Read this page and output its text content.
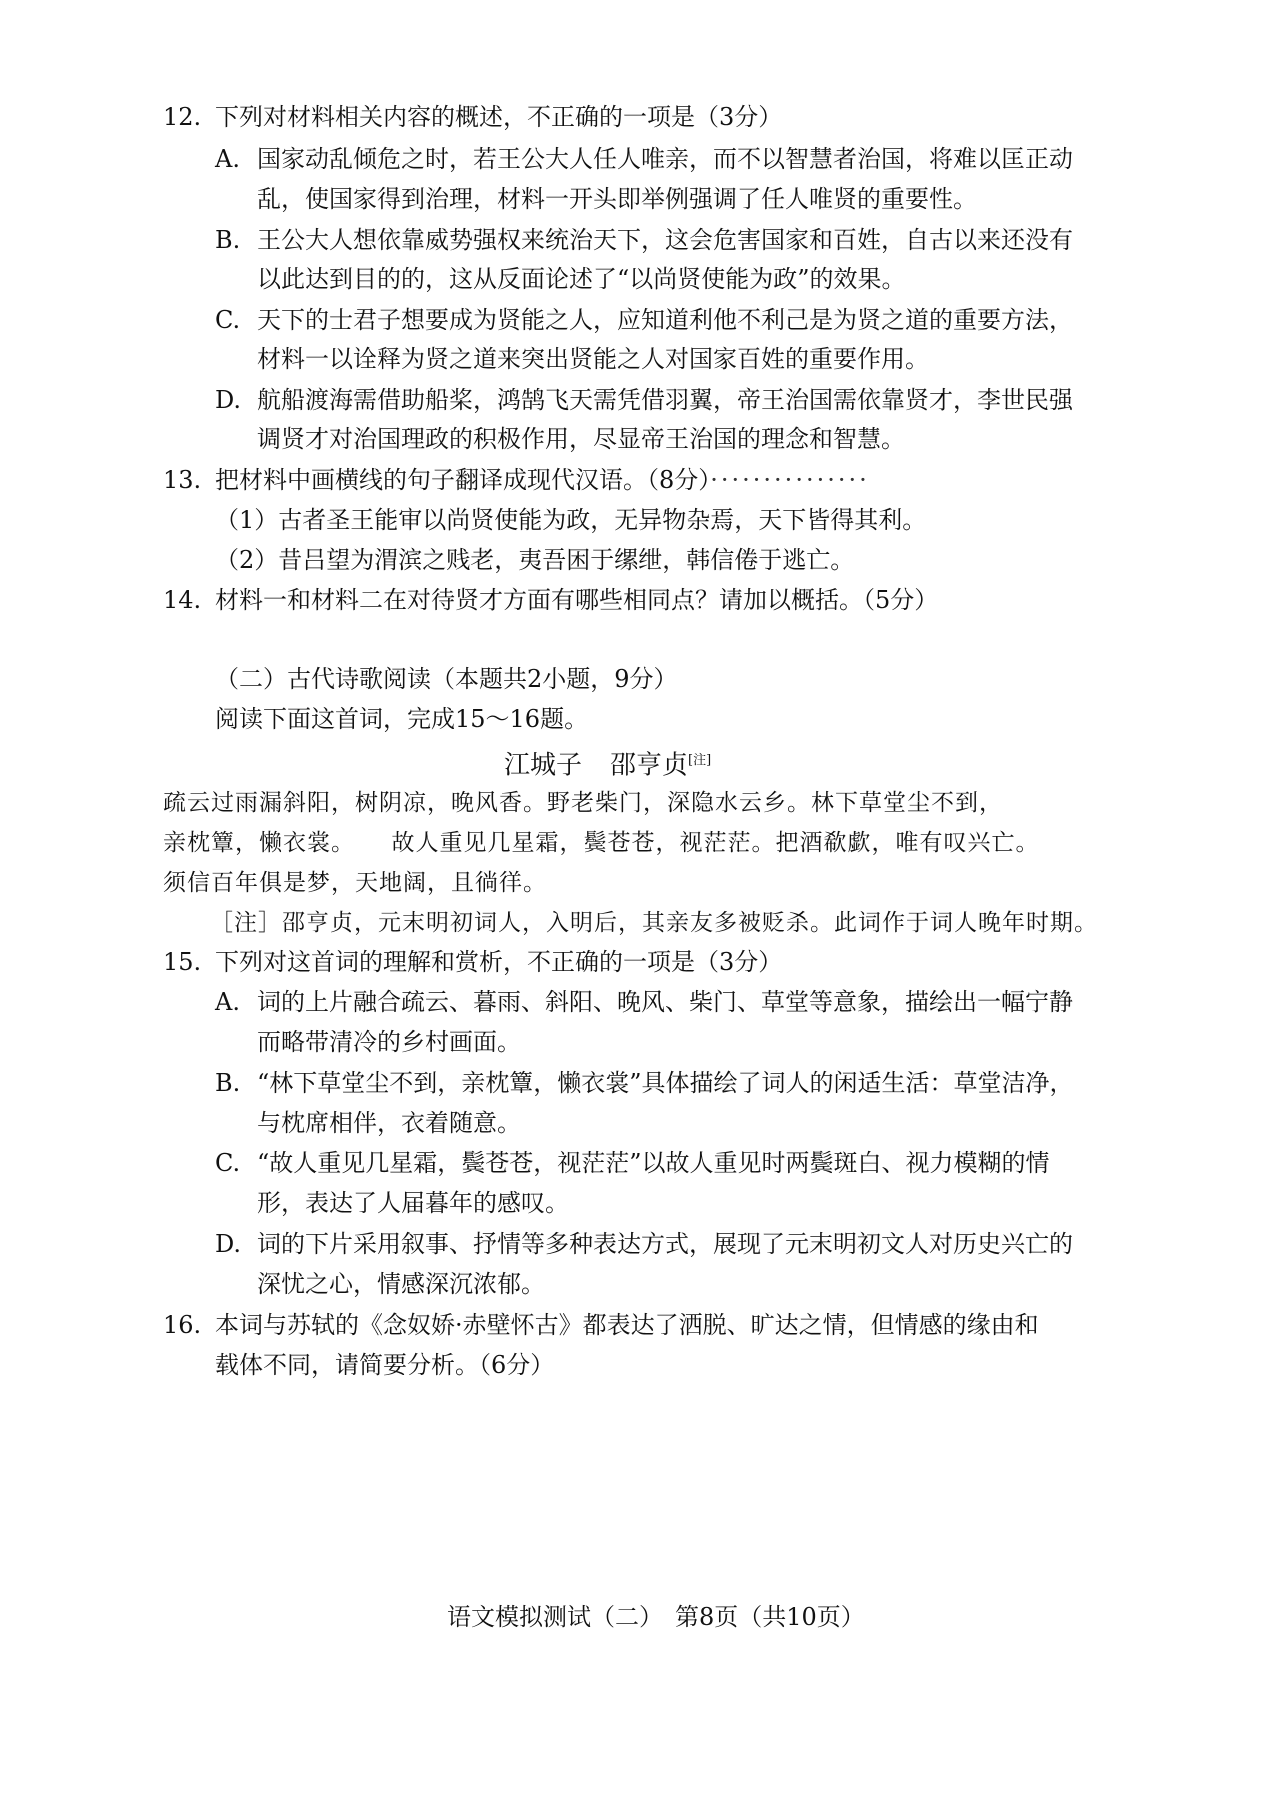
12. 下列对材料相关内容的概述，不正确的一项是（3分）
A. 国家动乱倾危之时，若王公大人任人唯亲，而不以智慧者治国，将难以匡正动
乱，使国家得到治理，材料一开头即举例强调了任人唯贤的重要性。
B. 王公大人想依靠威势强权来统治天下，这会危害国家和百姓，自古以来还没有
以此达到目的的，这从反面论述了“以尚贤使能为政”的效果。
C. 天下的士君子想要成为贤能之人，应知道利他不利己是为贤之道的重要方法，
材料一以诠释为贤之道来突出贤能之人对国家百姓的重要作用。
D. 航船渡海需借助船桨，鸿鹄飞天需凭借羽翼，帝王治国需依靠贤才，李世民强
调贤才对治国理政的积极作用，尽显帝王治国的理念和智慧。
13. 把材料中画横线的句子翻译成现代汉语。（8分）···············
（1）古者圣王能审以尚贤使能为政，无异物杂焉，天下皆得其利。
（2）昔吕望为渭滨之贱老，夷吾困于缧绁，韩信倦于逃亡。
14. 材料一和材料二在对待贤才方面有哪些相同点？请加以概括。（5分）
（二）古代诗歌阅读（本题共2小题，9分）
阅读下面这首词，完成15～16题。
江城子 邵亨贞[注]
疏云过雨漏斜阳，树阴凉，晚风香。野老柴门，深隐水云乡。林下草堂尘不到，
亲枕簟，懒衣裳。　　故人重见几星霜，鬓苍苍，视茫茫。把酒欷歔，唯有叹兴亡。
须信百年俱是梦，天地阔，且徜徉。
［注］邵亨贞，元末明初词人，入明后，其亲友多被贬杀。此词作于词人晚年时期。
15. 下列对这首词的理解和赏析，不正确的一项是（3分）
A. 词的上片融合疏云、暮雨、斜阳、晚风、柴门、草堂等意象，描绘出一幅宁静
而略带清冷的乡村画面。
B. “林下草堂尘不到，亲枕簟，懒衣裳”具体描绘了词人的闲适生活：草堂洁净，
与枕席相伴，衣着随意。
C. “故人重见几星霜，鬓苍苍，视茫茫”以故人重见时两鬓斑白、视力模糊的情
形，表达了人届暮年的感叹。
D. 词的下片采用叙事、抒情等多种表达方式，展现了元末明初文人对历史兴亡的
深忧之心，情感深沉浓郁。
16. 本词与苏轼的《念奴娇·赤壁怀古》都表达了洒脱、旷达之情，但情感的缘由和
载体不同，请简要分析。（6分）
语文模拟测试（二）　第8页（共10页）
